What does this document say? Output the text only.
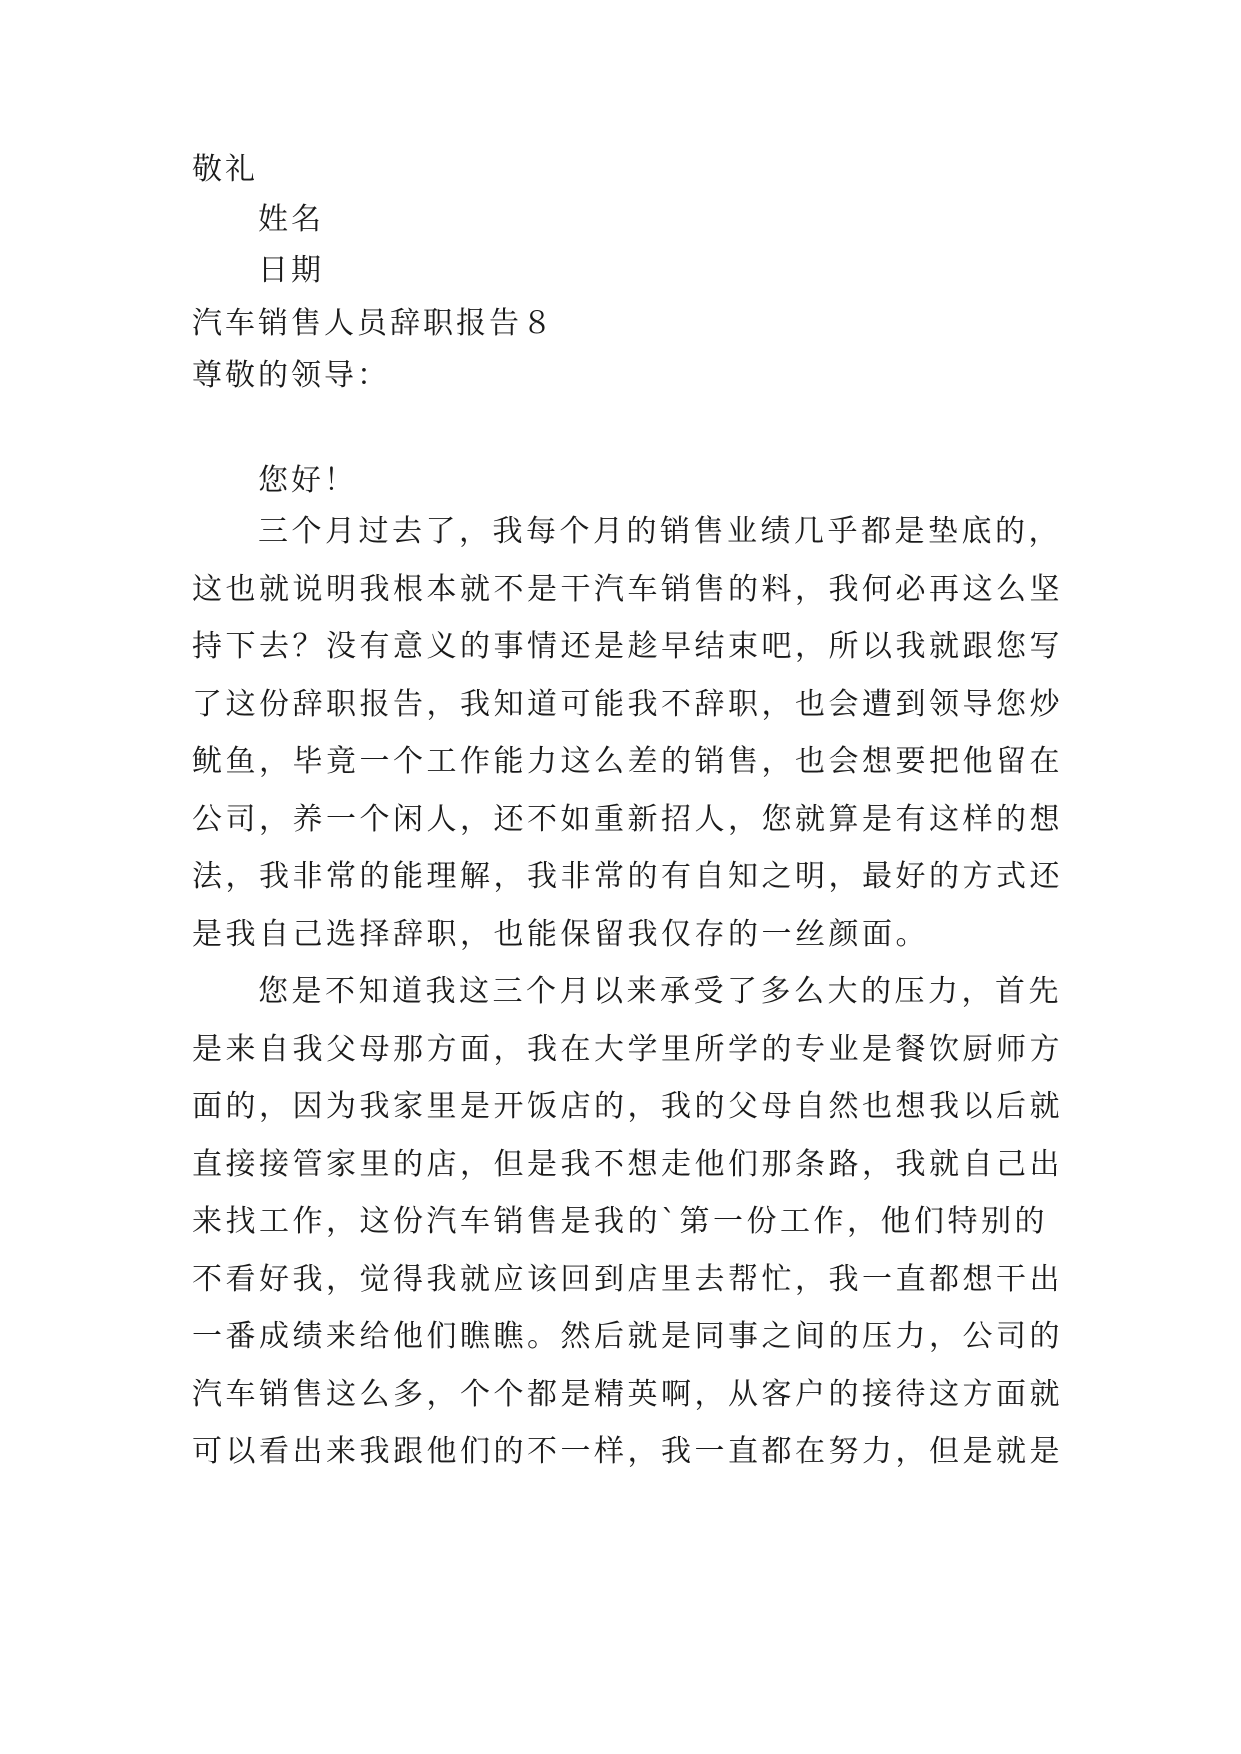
敬礼
姓名
日期
汽车销售人员辞职报告８
尊敬的领导：
您好！
三个月过去了，我每个月的销售业绩几乎都是垫底的，
这也就说明我根本就不是干汽车销售的料，我何必再这么坚
持下去？没有意义的事情还是趁早结束吧，所以我就跟您写
了这份辞职报告，我知道可能我不辞职，也会遭到领导您炒
鱿鱼，毕竟一个工作能力这么差的销售，也会想要把他留在
公司，养一个闲人，还不如重新招人，您就算是有这样的想
法，我非常的能理解，我非常的有自知之明，最好的方式还
是我自己选择辞职，也能保留我仅存的一丝颜面。
您是不知道我这三个月以来承受了多么大的压力，首先
是来自我父母那方面，我在大学里所学的专业是餐饮厨师方
面的，因为我家里是开饭店的，我的父母自然也想我以后就
直接接管家里的店，但是我不想走他们那条路，我就自己出
来找工作，这份汽车销售是我的`第一份工作，他们特别的
不看好我，觉得我就应该回到店里去帮忙，我一直都想干出
一番成绩来给他们瞧瞧。然后就是同事之间的压力，公司的
汽车销售这么多，个个都是精英啊，从客户的接待这方面就
可以看出来我跟他们的不一样，我一直都在努力，但是就是
